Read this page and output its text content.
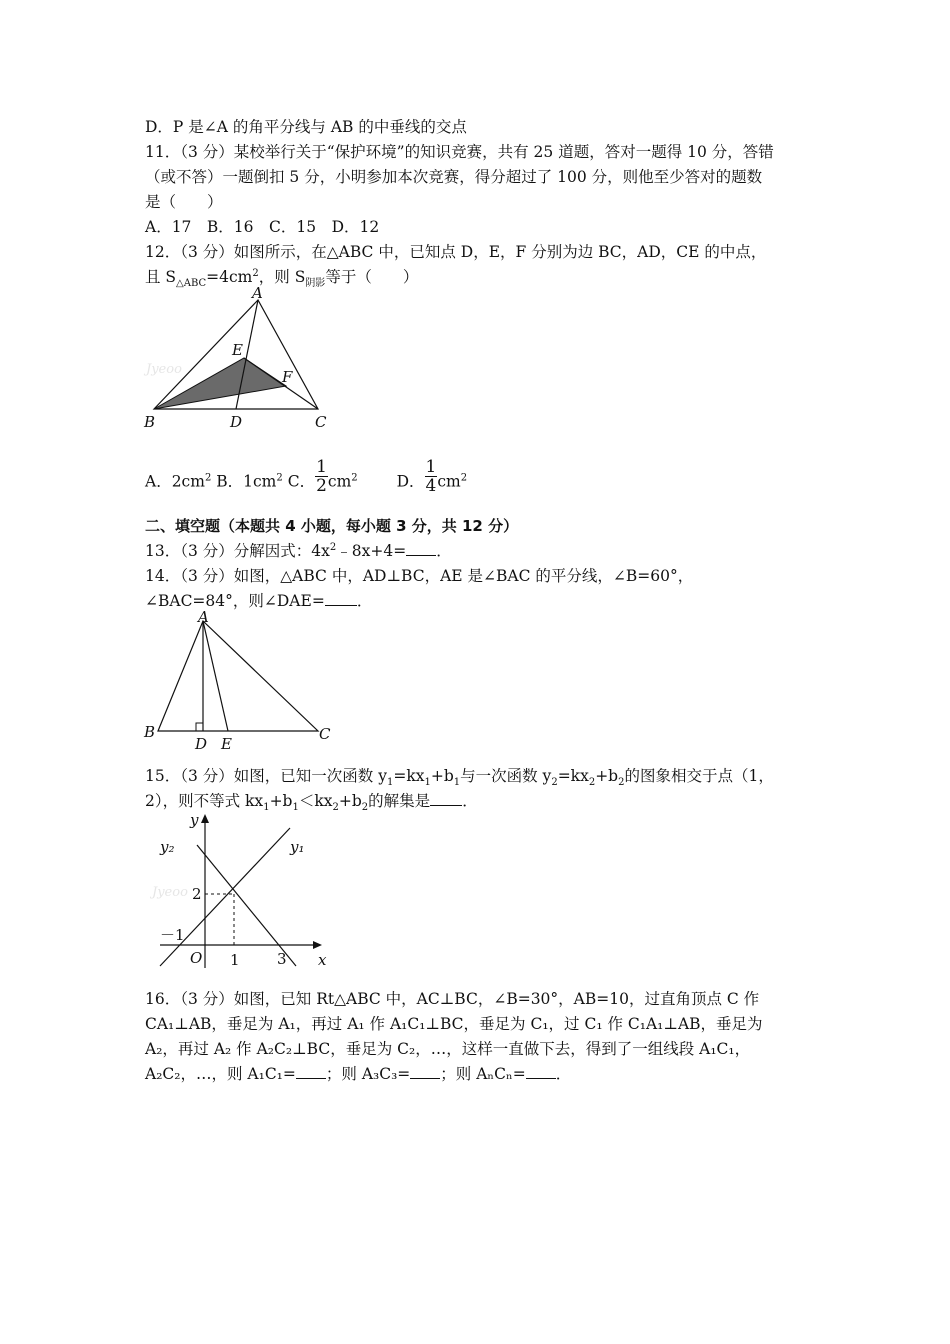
D．P 是∠A 的角平分线与 AB 的中垂线的交点
11．（3 分）某校举行关于“保护环境”的知识竞赛，共有 25 道题，答对一题得 10 分，答错
（或不答）一题倒扣 5 分，小明参加本次竞赛，得分超过了 100 分，则他至少答对的题数
是（　　）
A．17　B．16　C．15　D．12
12．（3 分）如图所示，在△ABC 中，已知点 D，E，F 分别为边 BC，AD，CE 的中点，
且 $S_{\triangle ABC}=4cm^2$，则 $S_{阴影}$等于（　　）
Jyeoo
A
B	C
D
E
F
A．$2cm^2$ B．$1cm^2$ C． $\frac{1}{2} cm^2$	D． $\frac{1}{4} cm^2$
二、填空题（本题共 4 小题，每小题 3 分，共 12 分）
13．（3 分）分解因式：$4x^2﹣8x+4=$ ．
14．（3 分）如图，△ABC 中，AD⊥BC，AE 是∠BAC 的平分线，∠B=60°，
∠BAC=84°，则∠DAE= ．
A
B	C
D E
15．（3 分）如图，已知一次函数 $y_1=kx_1+b_1$与一次函数 $y_2=kx_2+b_2$的图象相交于点（1，
2），则不等式 $kx_1+b_1<kx_2+b_2$的解集是 ．
Jyeoo
y
x
y₂	y₁
2
－1
O 1 3
16．（3 分）如图，已知 Rt△ABC 中，AC⊥BC，∠B=30°，AB=10，过直角顶点 C 作
CA₁⊥AB，垂足为 A₁，再过 A₁ 作 A₁C₁⊥BC，垂足为 C₁，过 C₁ 作 C₁A₁⊥AB，垂足为
A₂，再过 A₂ 作 A₂C₂⊥BC，垂足为 C₂，…，这样一直做下去，得到了一组线段 A₁C₁，
A₂C₂，…，则 A₁C₁= ；则 A₃C₃= ；则 AₙCₙ= ．
